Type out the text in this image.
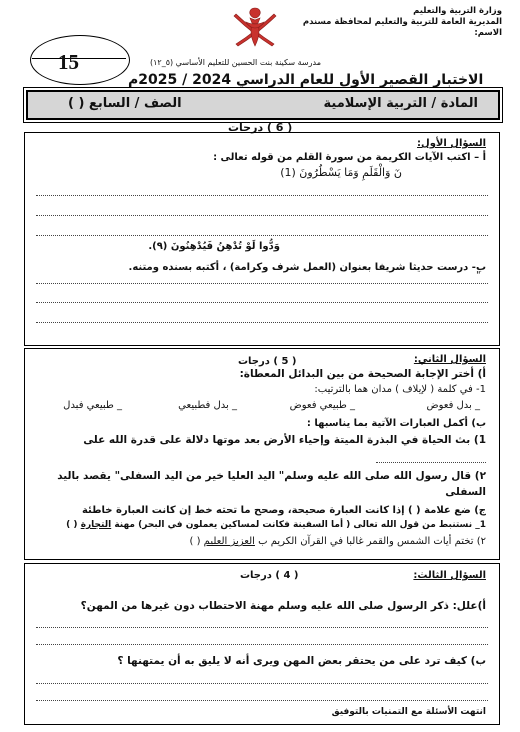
وزارة التربية والتعليم
المديرية العامة للتربية والتعليم لمحافظة مسندم
الاسم:
15	مدرسة سكينة بنت الحسين للتعليم الأساسي (٥_١٢)
الاختبار القصير الأول للعام الدراسي 2024 / 2025م
المادة / التربية الإسلامية
الصف / السابع ( )
( 6 ) درجات
السؤال الأول:
أ – اكتب الآيات الكريمة من سورة القلم من قوله تعالى :
نٓ وَالْقَلَمِ وَمَا يَسْطُرُونَ (1)
وَدُّوا لَوْ تُدْهِنُ فَيُدْهِنُونَ (٩).
ب- درست حديثا شريفا بعنوان (العمل شرف وكرامة) ، أكتبه بسنده ومتنه.
"
السؤال الثاني:
( 5 ) درجات
أ) أختر الإجابة الصحيحة من بين البدائل المعطاة:
1- في كلمة ( لإيلاف ) مدان هما بالترتيب:
_ بدل فعوض
_ طبيعي فعوض
_ بدل فطبيعي
_ طبيعي فبدل
ب) أكمل العبارات الآتية بما يناسبها :
1) بث الحياة في البذرة الميتة وإحياء الأرض بعد موتها دلالة على قدرة الله على
٢) قال رسول الله صلى الله عليه وسلم" اليد العليا خير من اليد السفلى" يقصد باليد
السفلى
ج) ضع علامة ( ) إذا كانت العبارة صحيحة، وصحح ما تحته خط إن كانت العبارة خاطئة
1_ نستنبط من قول الله تعالى ( أما السفينة فكانت لمساكين يعملون في البحر) مهنة التجارة ( )
٢) تختم أيات الشمس والقمر غالبا في القرآن الكريم ب العزيز العليم ( )
السؤال الثالث:
( 4 ) درجات
أ)علل: ذكر الرسول صلى الله عليه وسلم مهنة الاحتطاب دون غيرها من المهن؟
ب) كيف ترد على من يحتقر بعض المهن ويرى أنه لا يليق به أن يمتهنها ؟
انتهت الأسئلة مع التمنيات بالتوفيق
